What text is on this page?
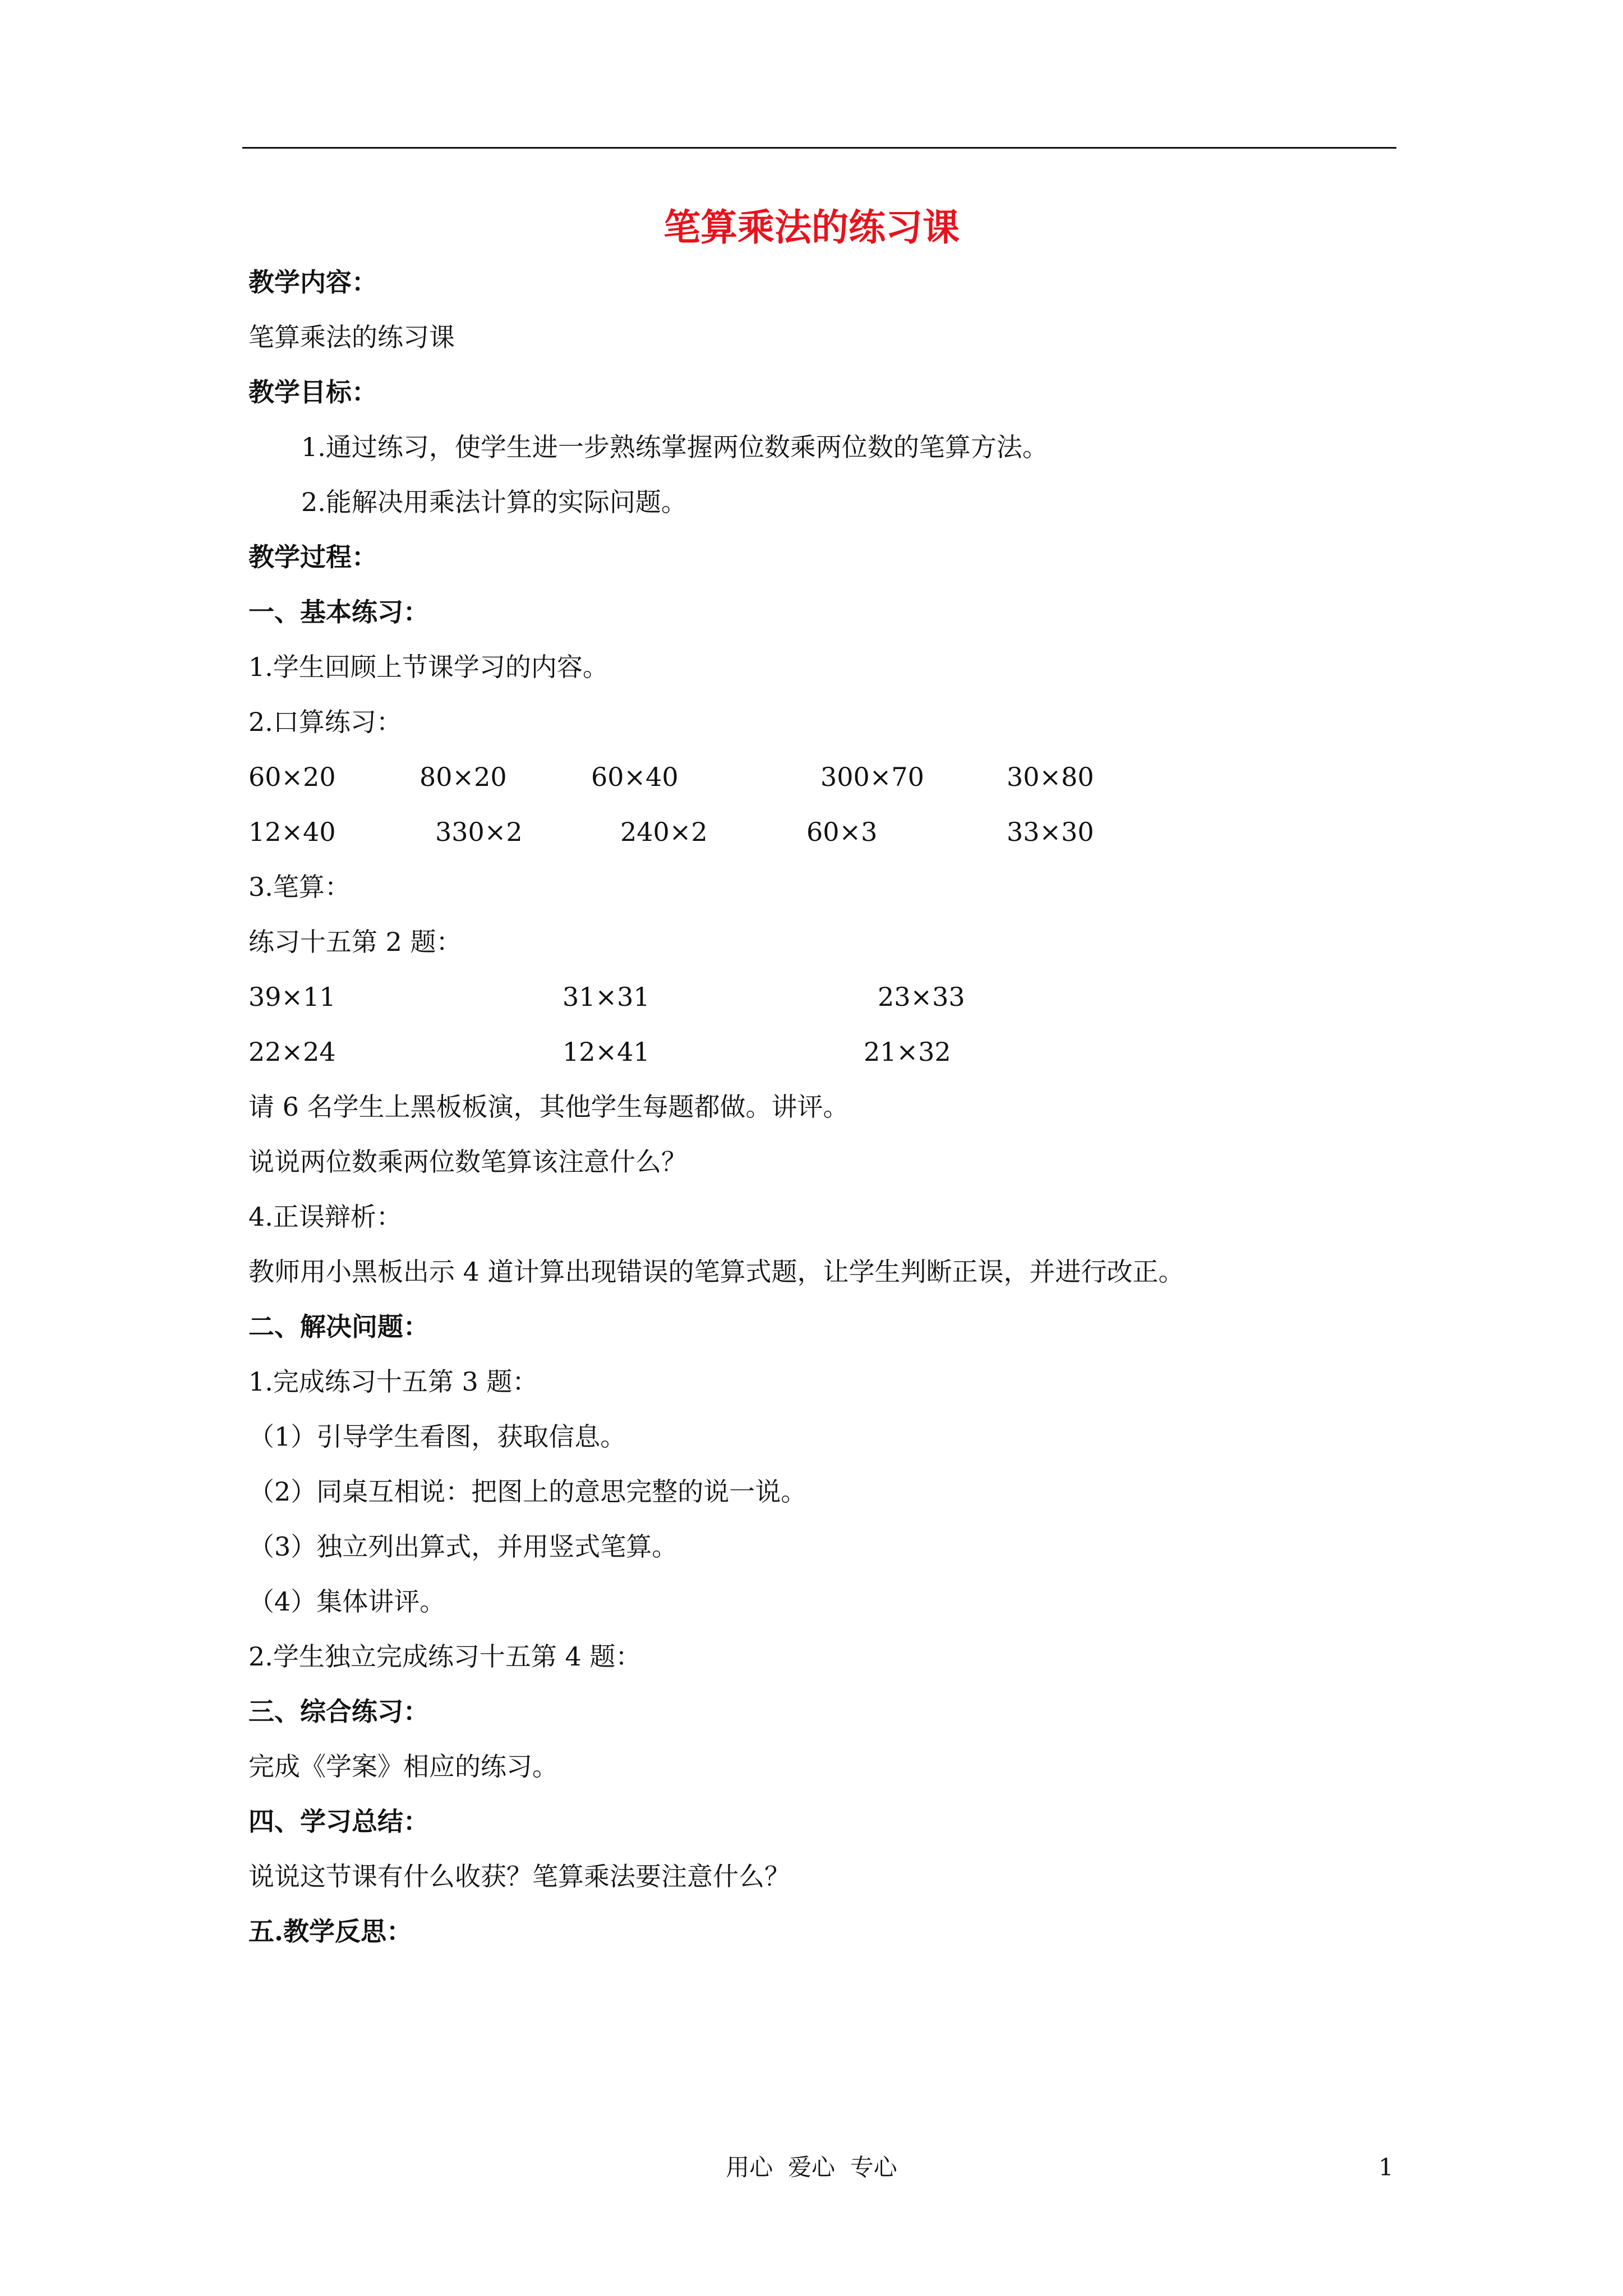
笔算乘法的练习课
教学内容：
笔算乘法的练习课
教学目标：
1.通过练习，使学生进一步熟练掌握两位数乘两位数的笔算方法。
2.能解决用乘法计算的实际问题。
教学过程：
一、基本练习：
1.学生回顾上节课学习的内容。
2.口算练习：
60×20	80×20	60×40	300×70	30×80
12×40	330×2	240×2	60×3	33×30
3.笔算：
练习十五第 2 题：
39×11	31×31	23×33
22×24	12×41	21×32
请 6 名学生上黑板板演，其他学生每题都做。讲评。
说说两位数乘两位数笔算该注意什么？
4.正误辩析：
教师用小黑板出示 4 道计算出现错误的笔算式题，让学生判断正误，并进行改正。
二、解决问题：
1.完成练习十五第 3 题：
（1）引导学生看图，获取信息。
（2）同桌互相说：把图上的意思完整的说一说。
（3）独立列出算式，并用竖式笔算。
（4）集体讲评。
2.学生独立完成练习十五第 4 题：
三、综合练习：
完成《学案》相应的练习。
四、学习总结：
说说这节课有什么收获？笔算乘法要注意什么？
五.教学反思：
用心  爱心  专心	1
